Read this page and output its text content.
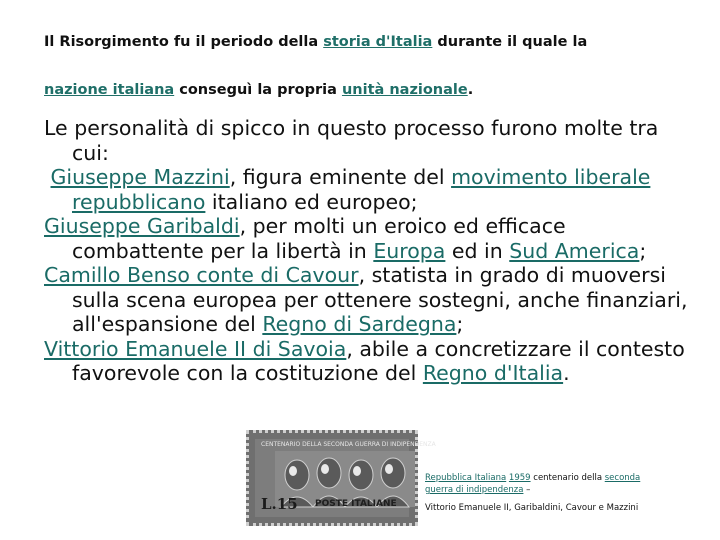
Il Risorgimento fu il periodo della storia d'Italia durante il quale la
nazione italiana conseguì la propria unità nazionale.

Le personalità di spicco in questo processo furono molte tra cui:

Giuseppe Mazzini, figura eminente del movimento liberale repubblicano italiano ed europeo;

Giuseppe Garibaldi, per molti un eroico ed efficace combattente per la libertà in Europa ed in Sud America;

Camillo Benso conte di Cavour, statista in grado di muoversi sulla scena europea per ottenere sostegni, anche finanziari, all'espansione del Regno di Sardegna;

Vittorio Emanuele II di Savoia, abile a concretizzare il contesto favorevole con la costituzione del Regno d'Italia.

CENTENARIO DELLA SECONDA GUERRA DI INDIPENDENZA
L.15 POSTE ITALIANE
Repubblica Italiana 1959 centenario della seconda guerra di indipendenza –
Vittorio Emanuele II, Garibaldini, Cavour e Mazzini
